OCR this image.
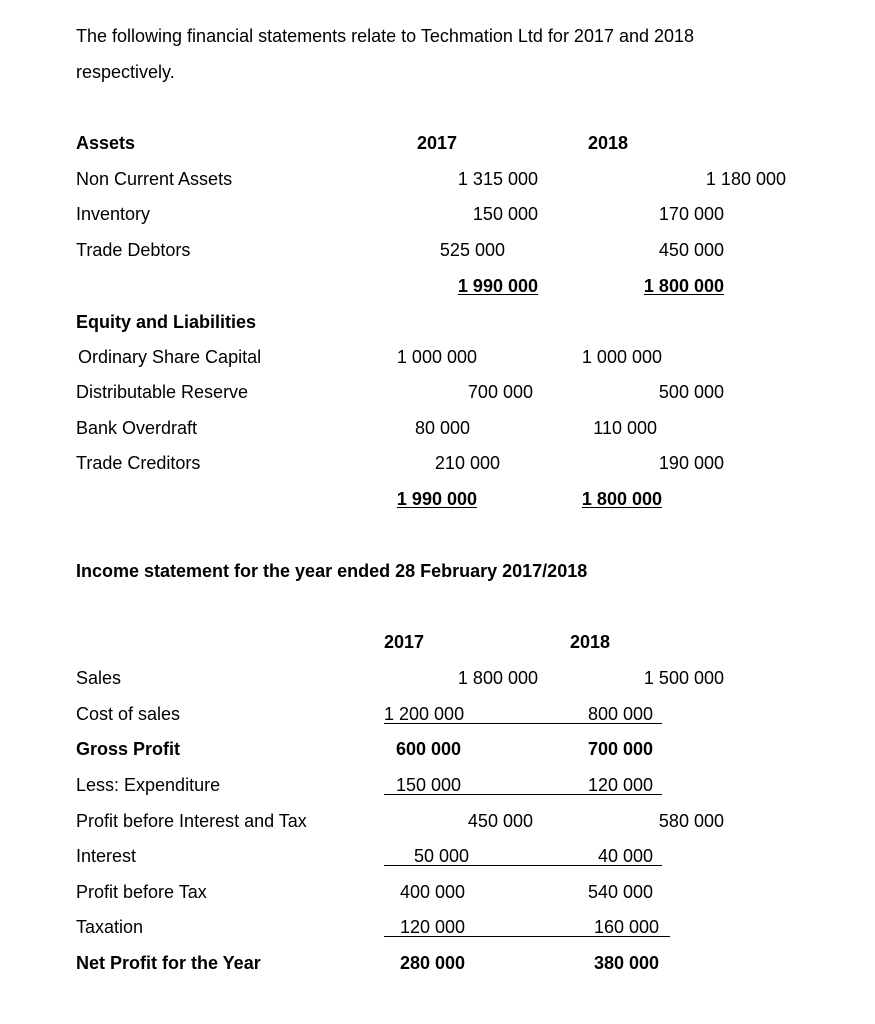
The following financial statements relate to Techmation Ltd for 2017 and 2018
respectively.
Assets	2017	2018
Non Current Assets	1 315 000	1 180 000
Inventory	150 000	170 000
Trade Debtors	525 000	450 000
1 990 000	1 800 000
Equity and Liabilities
Ordinary Share Capital	1 000 000	1 000 000
Distributable Reserve	700 000	500 000
Bank Overdraft	80 000	110 000
Trade Creditors	210 000	190 000
1 990 000	1 800 000
Income statement for the year ended 28 February 2017/2018
2017	2018
Sales	1 800 000	1 500 000
Cost of sales	1 200 000	800 000
Gross Profit	600 000	700 000
Less: Expenditure	150 000	120 000
Profit before Interest and Tax	450 000	580 000
Interest	50 000	40 000
Profit before Tax	400 000	540 000
Taxation	120 000	160 000
Net Profit for the Year	280 000	380 000
